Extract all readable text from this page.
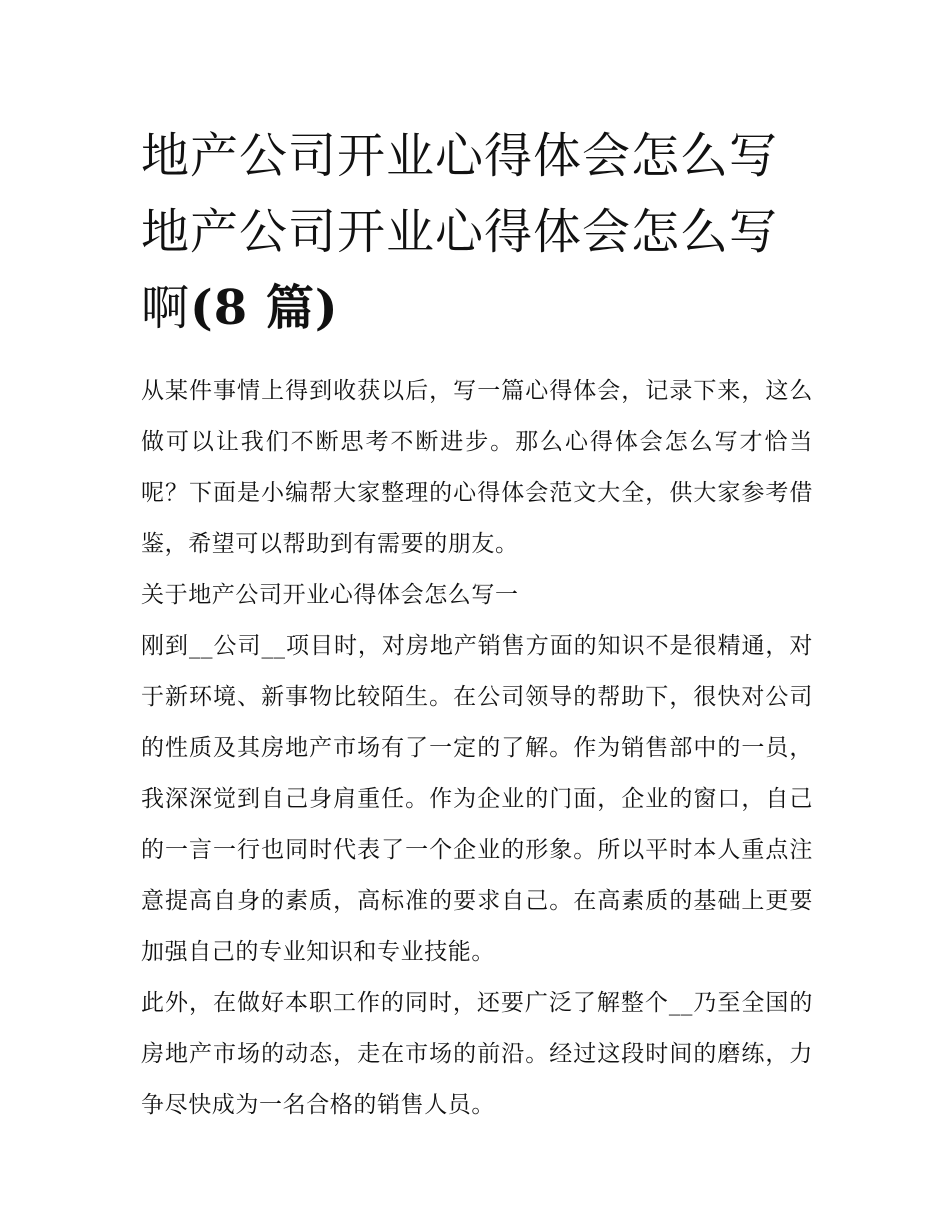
地产公司开业心得体会怎么写
地产公司开业心得体会怎么写
啊(8 篇)

从某件事情上得到收获以后，写一篇心得体会，记录下来，这么做可以让我们不断思考不断进步。那么心得体会怎么写才恰当呢？下面是小编帮大家整理的心得体会范文大全，供大家参考借鉴，希望可以帮助到有需要的朋友。

关于地产公司开业心得体会怎么写一

刚到__公司__项目时，对房地产销售方面的知识不是很精通，对于新环境、新事物比较陌生。在公司领导的帮助下，很快对公司的性质及其房地产市场有了一定的了解。作为销售部中的一员，我深深觉到自己身肩重任。作为企业的门面，企业的窗口，自己的一言一行也同时代表了一个企业的形象。所以平时本人重点注意提高自身的素质，高标准的要求自己。在高素质的基础上更要加强自己的专业知识和专业技能。

此外，在做好本职工作的同时，还要广泛了解整个__乃至全国的房地产市场的动态，走在市场的前沿。经过这段时间的磨练，力争尽快成为一名合格的销售人员。
